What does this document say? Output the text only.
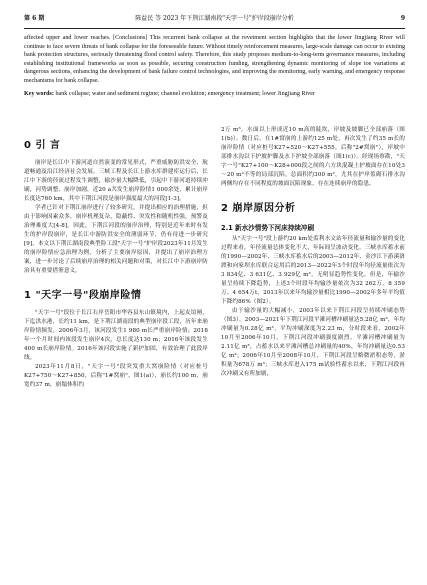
第 6 期	陈益民 等 2023 年下荆江湖南段"天字一号"护岸段崩岸分析	9

affected upper and lower reaches. [Conclusions] This recurrent bank collapse at the revetment section highlights that the lower Jingjiang River will continue to face severe threats of bank collapse for the foreseeable future. Without timely reinforcement measures, large-scale damage can occur to existing bank protection structures, seriously threatening flood control safety. Therefore, this study proposes medium-to-long-term governance measures, including establishing institutional frameworks as soon as possible, securing construction funding, strengthening dynamic monitoring of slope toe variations at dangerous sections, enhancing the development of bank failure control technologies, and improving the monitoring, early warning, and emergency response mechanisms for bank collapse.

Key words: bank collapse; water and sediment regime; channel evolution; emergency treatment; lower Jingjiang River
0 引 言

崩岸是长江中下游河道自然演变的常见形式，严重威胁防洪安全、航道畅通及沿江经济社会发展。三峡工程及长江上游水库群建库运行后，长江中下游的径流过程发生调整，输沙量大幅降低，引起中下游河道持续冲刷，河势调整、崩岸加剧，近20 a共发生崩岸险情1 000余处，累计崩岸长度达760 km，其中下荆江河段是崩岸强度最大的河段[1-3]。

学者已针对下荆江崩岸进行了较多研究，并提出相应的治理措施，但由于影响因素众多，崩岸机理复杂，隐蔽性、突发性和随机性强，预警及治理难度大[4-8]。因此，下荆江河段的崩岸治理，特别是近年来时有发生的护岸段崩岸，是长江中游防洪安全的薄弱环节，仍有待进一步研究[9]。本文以下荆江湖南段典型险工段"天字一号"护岸段2023年11月发生的崩岸险情应急治理为例，分析了主要崩岸原因，并提出了崩岸治理方案，进一步讨论了后续崩岸治理的相关问题和对策，对长江中下游崩岸防治具有重要借鉴意义。

1 "天字一号"段崩岸险情

"天字一号"段位于长江右岸岳阳市华容县东山镇境内，上起友谊闸，下迄洪水港，长约11 km，是下荆江湖南段的典型崩岸段工段，历年来崩岸险情频发。2006年3月，该河段发生1 980 m长严重崩岸险情；2018年一个月时间内该段发生崩岸4次，总长度达130 m；2016年该段发生400 m长崩岸险情。2016年该河段实施了新护加固，有效治理了此段岸线。

2023年11月8日，"天字一号"段突发重大窝崩险情（对应桩号K27+750～K27+850，后称"1#窝崩"，图1(a)），崩长约100 m，崩宽约37 m，崩塌体积约

2万 m³，水面以上形成近10 m高的陡坎，岸坡及坡脚已全部崩落（图1(b)）。数日后，在1#窝崩的上游约125 m处，再次发生了约35 m长的崩岸险情（对应桩号K27+520～K27+555，后称"2#窝崩"），岸坡中部排水沟以下护坡护脚及水下护坡全部崩落（图1(c)）。经现场察勘，"天字一号"K27+100～K28+000段之间的六方块混凝土护坡面存在10处3～20 m²不等的局部沉陷，总面积约300 m²，尤其在护岸浆砌石排水沟两侧均存在不同程度的坡面沉陷现象，存在连续崩岸的隐患。

2 崩岸原因分析
2.1 新水沙情势下河床持续冲刷

从"天字一号"段上游约20 km处监利水文站年径流量和输沙量的变化过程来看，年径流量总体变化不大，年际间呈波动变化。三峡水库蓄水前的1990—2002年、三峡水库蓄水后的2003—2012年、金沙江下游溪洛渡和向家坝水库联合运用后的2013—2022年3个时段年均径流量依次为3 834亿、3 631亿、3 929亿 m³，无明显趋势性变化。但是，年输沙量呈持续下降趋势，上述3个时段年均输沙量依次为32 262万、8 359万、4 654万t，2013年以来年均输沙量相比1990—2002年多年平均值下降约86%（图2）。

由于输沙量的大幅减小，2003年以来下荆江河段呈持续冲刷态势（图3）。2003—2021年下荆江河段平滩河槽冲刷量达5.28亿 m³，年均冲刷量为0.28亿 m³，平均冲刷深度为2.23 m，分时段来看，2002年10月至2006年10月，下荆江河段冲刷强度剧烈，平滩河槽冲刷量为2.11亿 m³，占蓄水以来平滩河槽总冲刷量的40%，年均冲刷量达0.53亿 m³；2006年10月至2008年10月，下荆江河段呈略微淤积态势，淤积量为678万 m³；三峡水库进入175 m试验性蓄水以来，下荆江河段再次冲刷又有所加剧，
